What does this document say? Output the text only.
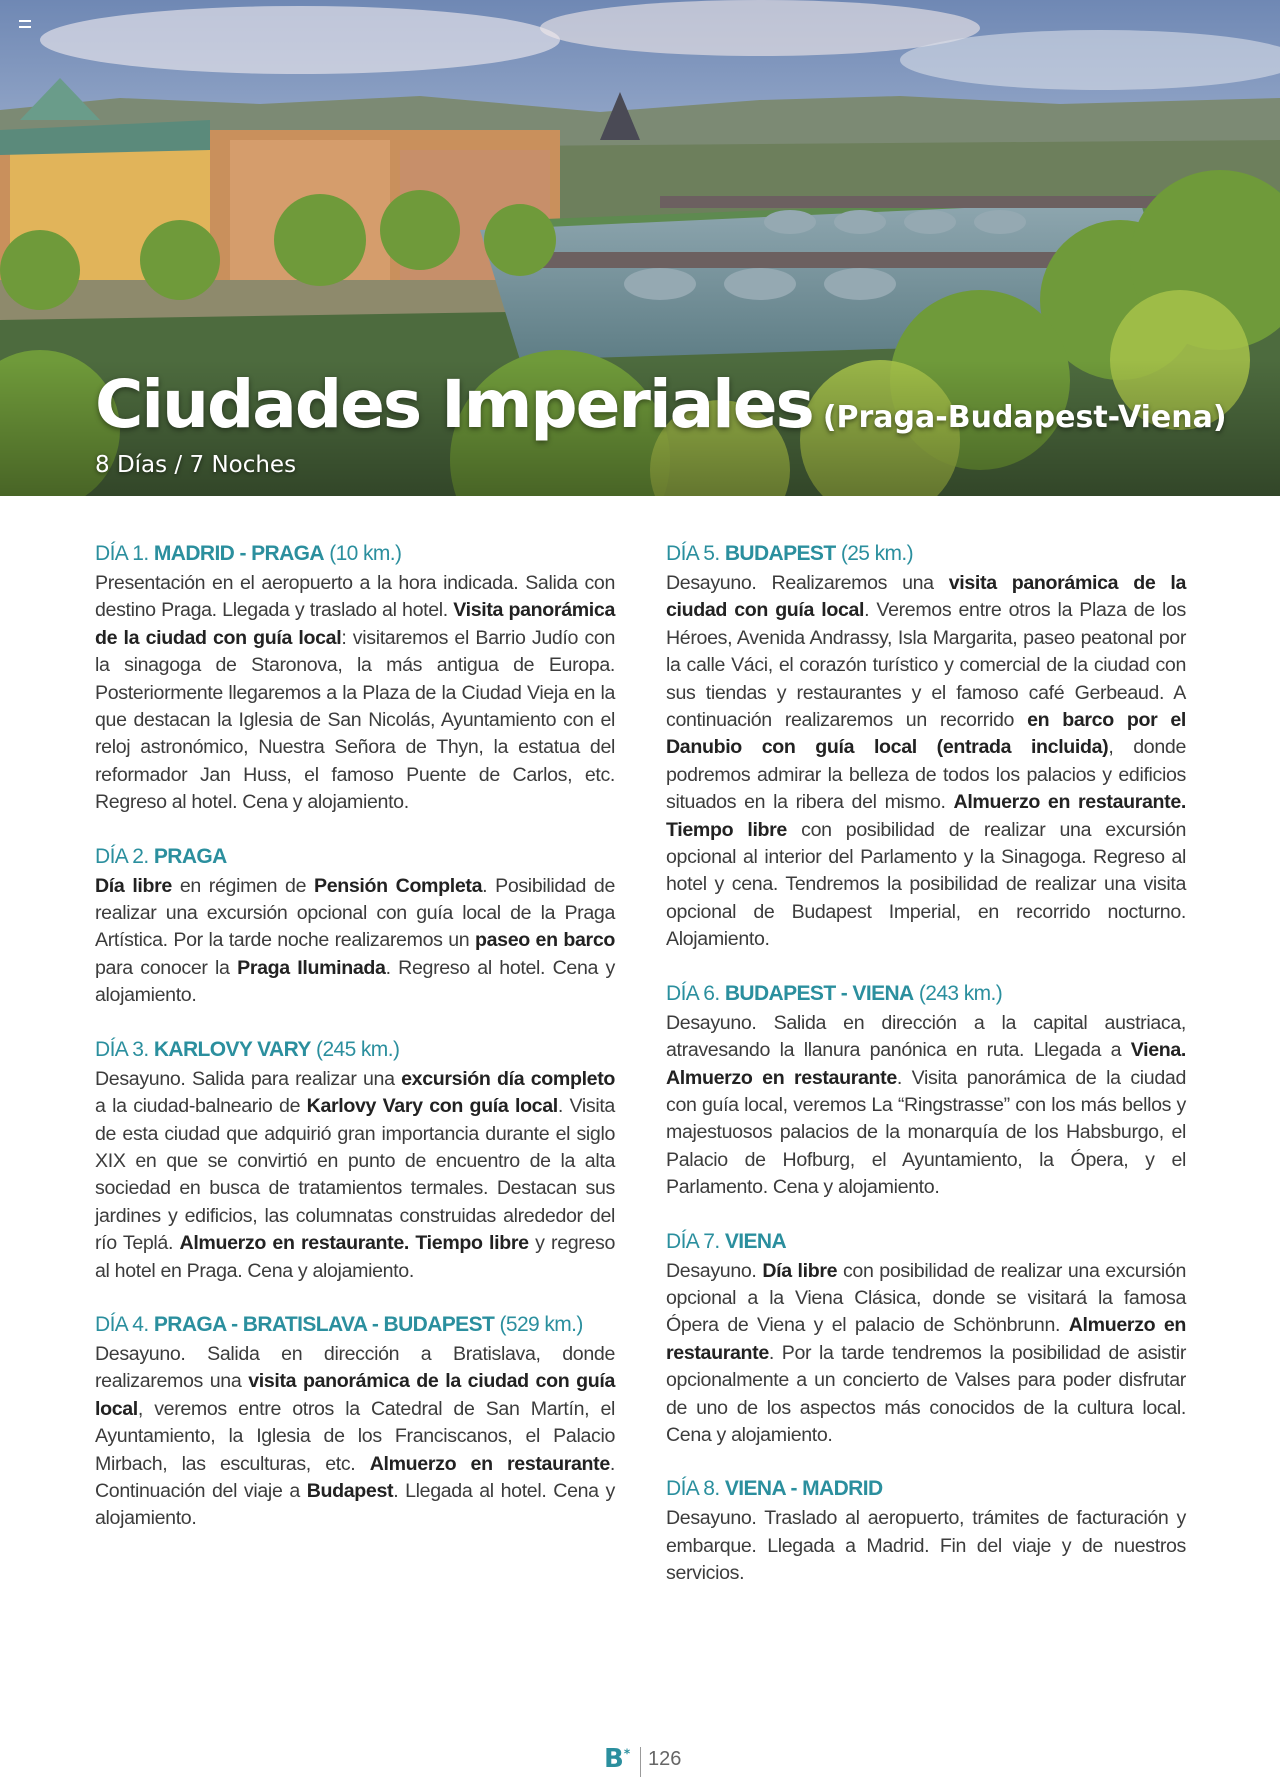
Ciudades Imperiales (Praga-Budapest-Viena)
8 Días / 7 Noches
DÍA 1. MADRID - PRAGA (10 km.)

Presentación en el aeropuerto a la hora indicada. Salida con destino Praga. Llegada y traslado al hotel. Visita panorámica de la ciudad con guía local: visitaremos el Barrio Judío con la sinagoga de Staronova, la más antigua de Europa. Posteriormente llegaremos a la Plaza de la Ciudad Vieja en la que destacan la Iglesia de San Nicolás, Ayuntamiento con el reloj astronómico, Nuestra Señora de Thyn, la estatua del reformador Jan Huss, el famoso Puente de Carlos, etc. Regreso al hotel. Cena y alojamiento.

DÍA 2. PRAGA

Día libre en régimen de Pensión Completa. Posibilidad de realizar una excursión opcional con guía local de la Praga Artística. Por la tarde noche realizaremos un paseo en barco para conocer la Praga Iluminada. Regreso al hotel. Cena y alojamiento.

DÍA 3. KARLOVY VARY (245 km.)

Desayuno. Salida para realizar una excursión día completo a la ciudad-balneario de Karlovy Vary con guía local. Visita de esta ciudad que adquirió gran importancia durante el siglo XIX en que se convirtió en punto de encuentro de la alta sociedad en busca de tratamientos termales. Destacan sus jardines y edificios, las columnatas construidas alrededor del río Teplá. Almuerzo en restaurante. Tiempo libre y regreso al hotel en Praga. Cena y alojamiento.

DÍA 4. PRAGA - BRATISLAVA - BUDAPEST (529 km.)

Desayuno. Salida en dirección a Bratislava, donde realizaremos una visita panorámica de la ciudad con guía local, veremos entre otros la Catedral de San Martín, el Ayuntamiento, la Iglesia de los Franciscanos, el Palacio Mirbach, las esculturas, etc. Almuerzo en restaurante. Continuación del viaje a Budapest. Llegada al hotel. Cena y alojamiento.

DÍA 5. BUDAPEST (25 km.)

Desayuno. Realizaremos una visita panorámica de la ciudad con guía local. Veremos entre otros la Plaza de los Héroes, Avenida Andrassy, Isla Margarita, paseo peatonal por la calle Váci, el corazón turístico y comercial de la ciudad con sus tiendas y restaurantes y el famoso café Gerbeaud. A continuación realizaremos un recorrido en barco por el Danubio con guía local (entrada incluida), donde podremos admirar la belleza de todos los palacios y edificios situados en la ribera del mismo. Almuerzo en restaurante. Tiempo libre con posibilidad de realizar una excursión opcional al interior del Parlamento y la Sinagoga. Regreso al hotel y cena. Tendremos la posibilidad de realizar una visita opcional de Budapest Imperial, en recorrido nocturno. Alojamiento.

DÍA 6. BUDAPEST - VIENA (243 km.)

Desayuno. Salida en dirección a la capital austriaca, atravesando la llanura panónica en ruta. Llegada a Viena. Almuerzo en restaurante. Visita panorámica de la ciudad con guía local, veremos La “Ringstrasse” con los más bellos y majestuosos palacios de la monarquía de los Habsburgo, el Palacio de Hofburg, el Ayuntamiento, la Ópera, y el Parlamento. Cena y alojamiento.

DÍA 7. VIENA

Desayuno. Día libre con posibilidad de realizar una excursión opcional a la Viena Clásica, donde se visitará la famosa Ópera de Viena y el palacio de Schönbrunn. Almuerzo en restaurante. Por la tarde tendremos la posibilidad de asistir opcionalmente a un concierto de Valses para poder disfrutar de uno de los aspectos más conocidos de la cultura local. Cena y alojamiento.

DÍA 8. VIENA - MADRID

Desayuno. Traslado al aeropuerto, trámites de facturación y embarque. Llegada a Madrid. Fin del viaje y de nuestros servicios.

B* 126
